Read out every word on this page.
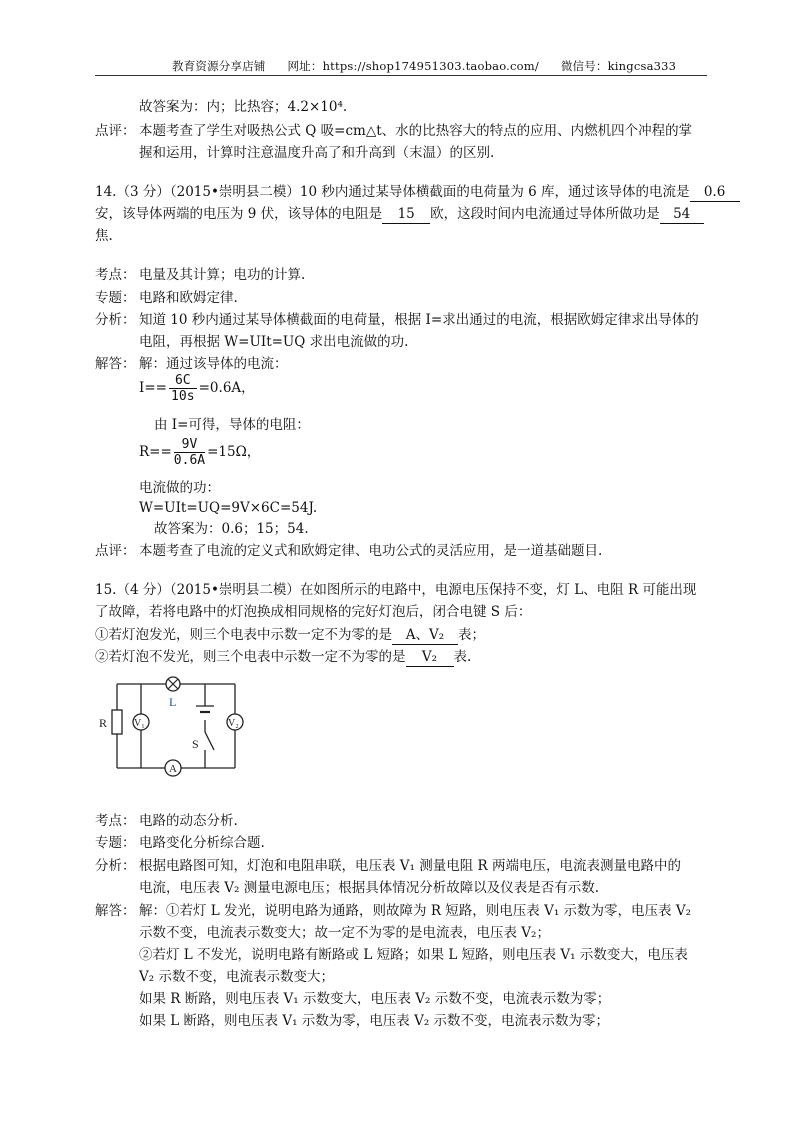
教育资源分享店铺 网址：https://shop174951303.taobao.com/ 微信号：kingcsa333
故答案为：内；比热容；4.2×10⁴.
点评： 本题考查了学生对吸热公式 Q 吸=cm△t、水的比热容大的特点的应用、内燃机四个冲程的掌
握和运用，计算时注意温度升高了和升高到（末温）的区别.
14.（3 分）（2015•崇明县二模）10 秒内通过某导体横截面的电荷量为 6 库，通过该导体的电流是 0.6
安，该导体两端的电压为 9 伏，该导体的电阻是 15 欧，这段时间内电流通过导体所做功是 54
焦.
考点： 电量及其计算；电功的计算.
专题： 电路和欧姆定律.
分析： 知道 10 秒内通过某导体横截面的电荷量，根据 I=求出通过的电流，根据欧姆定律求出导体的
电阻，再根据 W=UIt=UQ 求出电流做的功.
解答： 解：通过该导体的电流：
$I== \frac{6C}{10s} =0.6A$，
由 I=可得，导体的电阻：
$R== \frac{9V}{0.6A} =15\Omega$，
电流做的功：
W=UIt=UQ=9V×6C=54J.
故答案为：0.6；15；54.
点评： 本题考查了电流的定义式和欧姆定律、电功公式的灵活应用，是一道基础题目.
15.（4 分）（2015•崇明县二模）在如图所示的电路中，电源电压保持不变，灯 L、电阻 R 可能出现
了故障，若将电路中的灯泡换成相同规格的完好灯泡后，闭合电键 S 后：
①若灯泡发光，则三个电表中示数一定不为零的是 A、V₂ 表；
②若灯泡不发光，则三个电表中示数一定不为零的是 V₂ 表.
R
L
V₁	V₂
A
S
考点： 电路的动态分析.
专题： 电路变化分析综合题.
分析： 根据电路图可知，灯泡和电阻串联，电压表 V₁ 测量电阻 R 两端电压，电流表测量电路中的
电流，电压表 V₂ 测量电源电压；根据具体情况分析故障以及仪表是否有示数.
解答： 解：①若灯 L 发光，说明电路为通路，则故障为 R 短路，则电压表 V₁ 示数为零，电压表 V₂
示数不变，电流表示数变大；故一定不为零的是电流表，电压表 V₂；
②若灯 L 不发光，说明电路有断路或 L 短路；如果 L 短路，则电压表 V₁ 示数变大，电压表
V₂ 示数不变，电流表示数变大；
如果 R 断路，则电压表 V₁ 示数变大，电压表 V₂ 示数不变，电流表示数为零；
如果 L 断路，则电压表 V₁ 示数为零，电压表 V₂ 示数不变，电流表示数为零；
